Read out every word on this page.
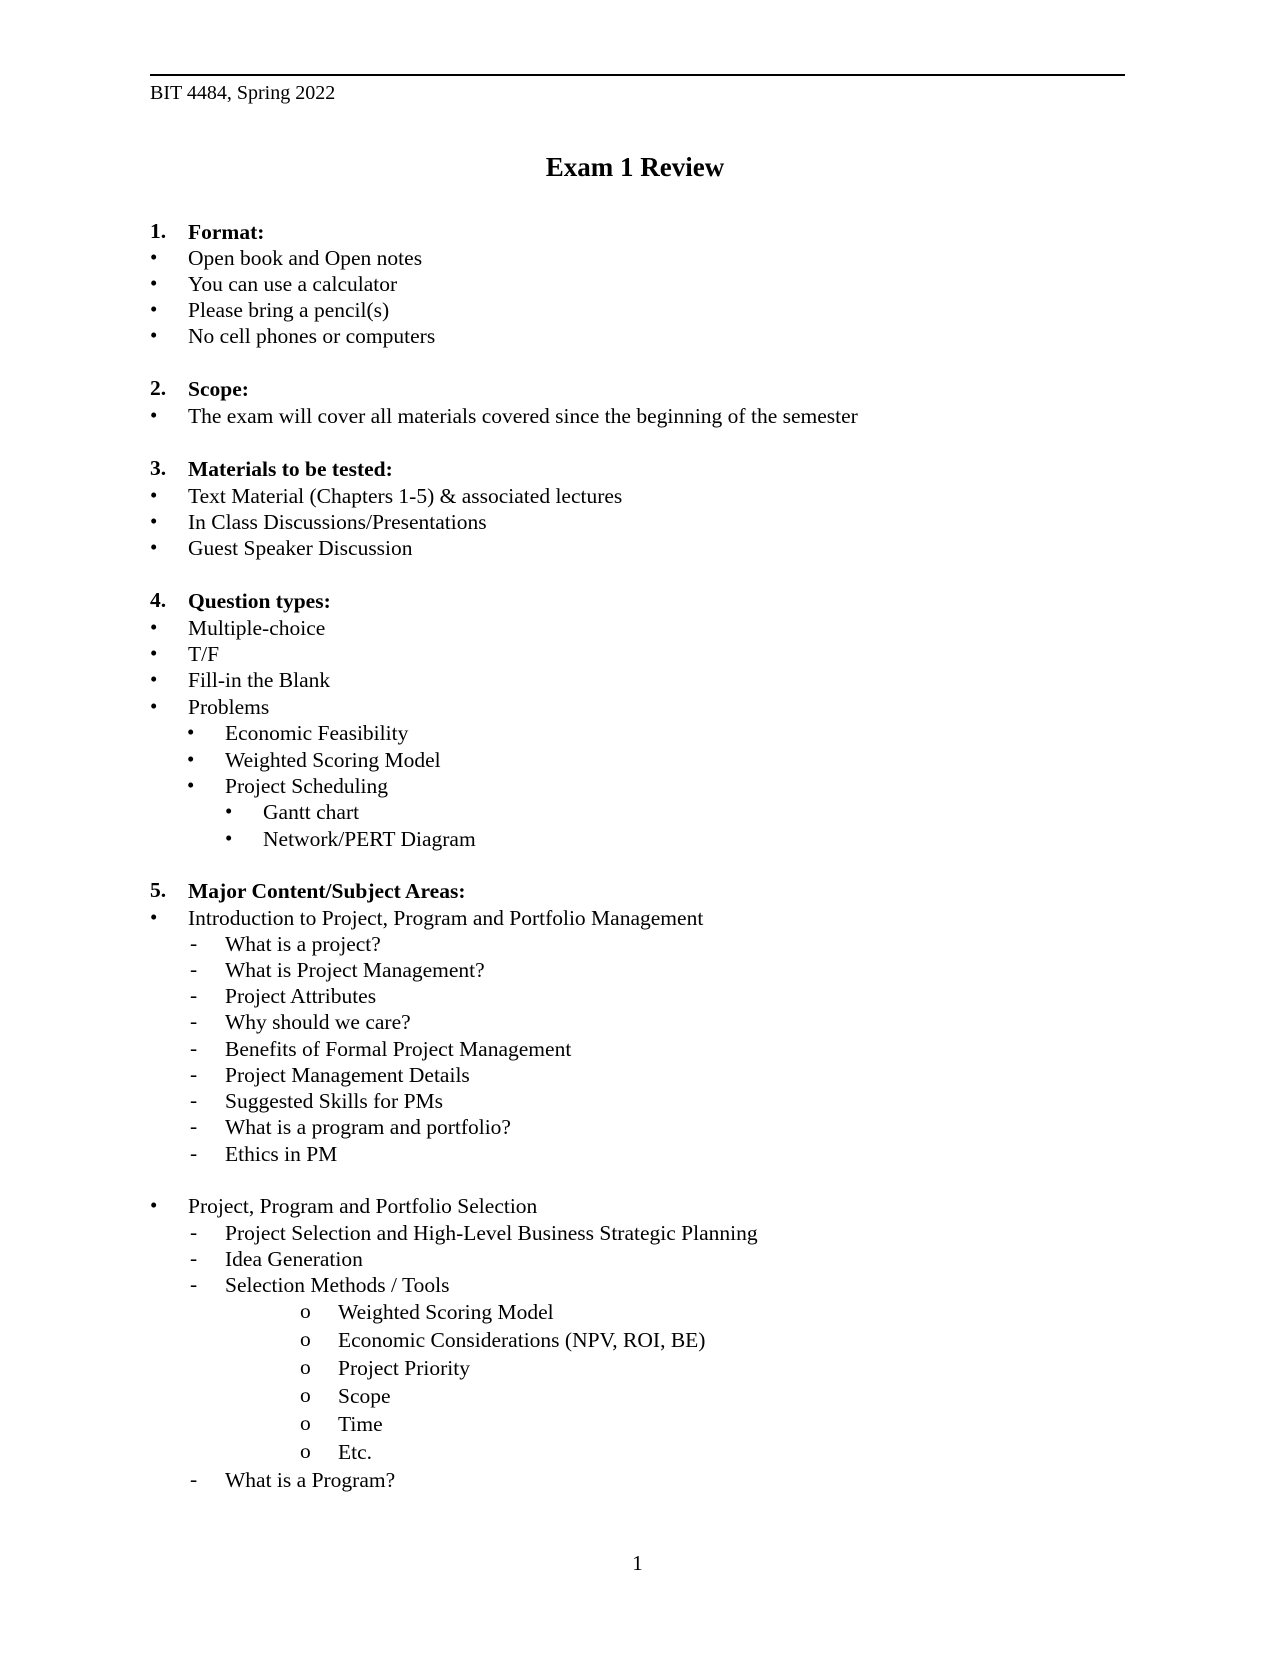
BIT 4484, Spring 2022
Exam 1 Review
1. Format:
• Open book and Open notes
• You can use a calculator
• Please bring a pencil(s)
• No cell phones or computers
2. Scope:
• The exam will cover all materials covered since the beginning of the semester
3. Materials to be tested:
• Text Material (Chapters 1-5) & associated lectures
• In Class Discussions/Presentations
• Guest Speaker Discussion
4. Question types:
• Multiple-choice
• T/F
• Fill-in the Blank
• Problems
• Economic Feasibility
• Weighted Scoring Model
• Project Scheduling
• Gantt chart
• Network/PERT Diagram
5. Major Content/Subject Areas:
• Introduction to Project, Program and Portfolio Management
- What is a project?
- What is Project Management?
- Project Attributes
- Why should we care?
- Benefits of Formal Project Management
- Project Management Details
- Suggested Skills for PMs
- What is a program and portfolio?
- Ethics in PM
• Project, Program and Portfolio Selection
- Project Selection and High-Level Business Strategic Planning
- Idea Generation
- Selection Methods / Tools
o Weighted Scoring Model
o Economic Considerations (NPV, ROI, BE)
o Project Priority
o Scope
o Time
o Etc.
- What is a Program?
1
